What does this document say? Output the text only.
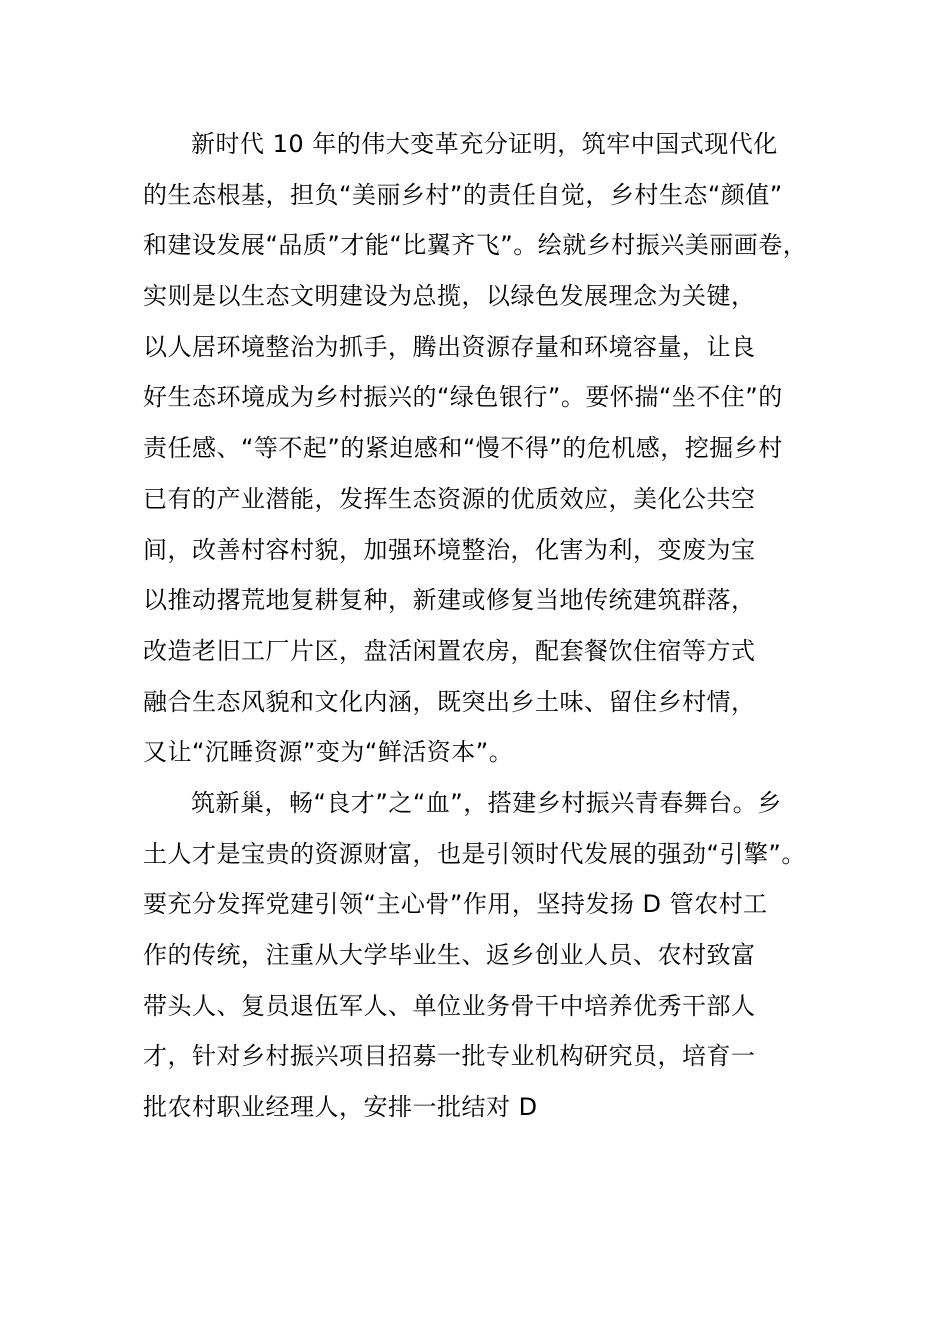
新时代 10 年的伟大变革充分证明，筑牢中国式现代化
的生态根基，担负“美丽乡村”的责任自觉，乡村生态“颜值”
和建设发展“品质”才能“比翼齐飞”。绘就乡村振兴美丽画卷，
实则是以生态文明建设为总揽，以绿色发展理念为关键，
以人居环境整治为抓手，腾出资源存量和环境容量，让良
好生态环境成为乡村振兴的“绿色银行”。要怀揣“坐不住”的
责任感、“等不起”的紧迫感和“慢不得”的危机感，挖掘乡村
已有的产业潜能，发挥生态资源的优质效应，美化公共空
间，改善村容村貌，加强环境整治，化害为利，变废为宝
以推动撂荒地复耕复种，新建或修复当地传统建筑群落，
改造老旧工厂片区，盘活闲置农房，配套餐饮住宿等方式
融合生态风貌和文化内涵，既突出乡土味、留住乡村情，
又让“沉睡资源”变为“鲜活资本”。
筑新巢，畅“良才”之“血”，搭建乡村振兴青春舞台。乡
土人才是宝贵的资源财富，也是引领时代发展的强劲“引擎”。
要充分发挥党建引领“主心骨”作用，坚持发扬 D 管农村工
作的传统，注重从大学毕业生、返乡创业人员、农村致富
带头人、复员退伍军人、单位业务骨干中培养优秀干部人
才，针对乡村振兴项目招募一批专业机构研究员，培育一
批农村职业经理人，安排一批结对 D
